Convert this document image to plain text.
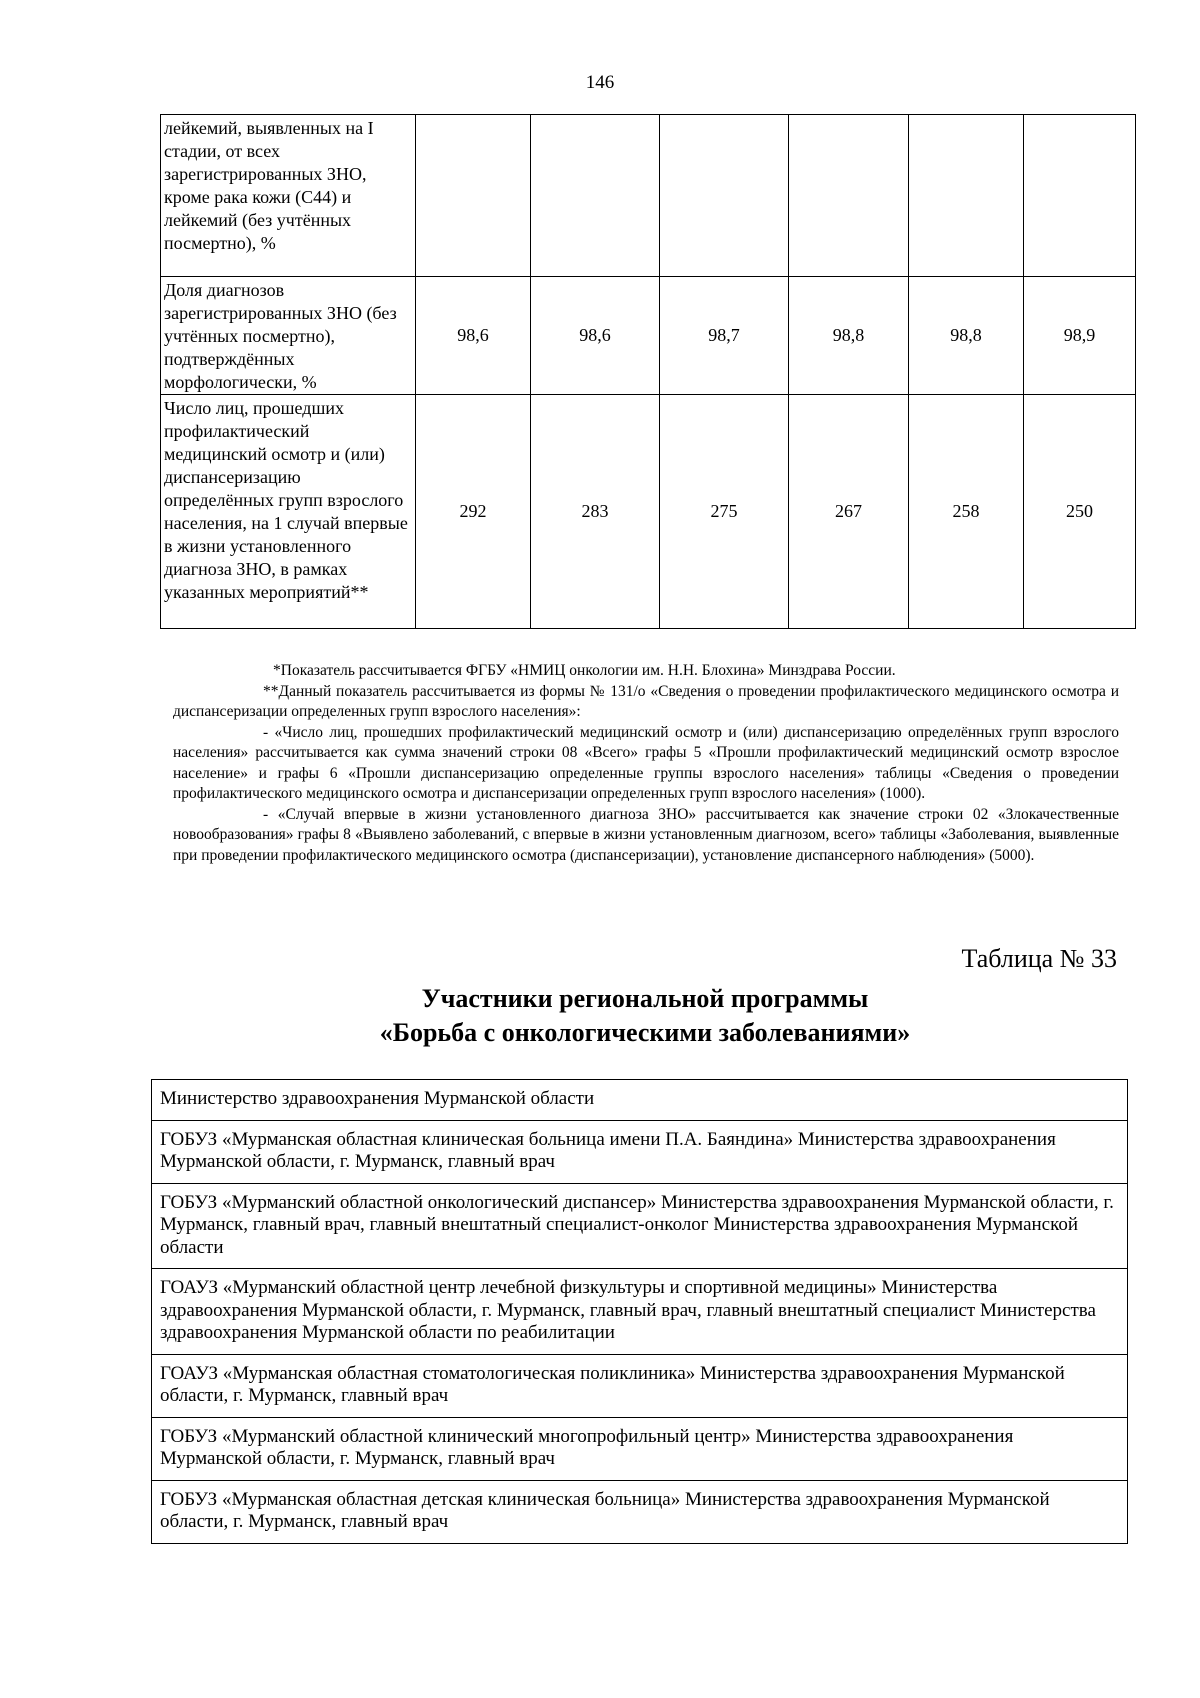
146
лейкемий, выявленных на I стадии, от всех зарегистрированных ЗНО, кроме рака кожи (С44) и лейкемий (без учтённых посмертно), %						
Доля диагнозов зарегистрированных ЗНО (без учтённых посмертно), подтверждённых морфологически, %	98,6	98,6	98,7	98,8	98,8	98,9
Число лиц, прошедших профилактический медицинский осмотр и (или) диспансеризацию определённых групп взрослого населения, на 1 случай впервые в жизни установленного диагноза ЗНО, в рамках указанных мероприятий**	292	283	275	267	258	250

*Показатель рассчитывается ФГБУ «НМИЦ онкологии им. Н.Н. Блохина» Минздрава России.

**Данный показатель рассчитывается из формы № 131/о «Сведения о проведении профилактического медицинского осмотра и диспансеризации определенных групп взрослого населения»:

- «Число лиц, прошедших профилактический медицинский осмотр и (или) диспансеризацию определённых групп взрослого населения» рассчитывается как сумма значений строки 08 «Всего» графы 5 «Прошли профилактический медицинский осмотр взрослое население» и графы 6 «Прошли диспансеризацию определенные группы взрослого населения» таблицы «Сведения о проведении профилактического медицинского осмотра и диспансеризации определенных групп взрослого населения» (1000).

- «Случай впервые в жизни установленного диагноза ЗНО» рассчитывается как значение строки 02 «Злокачественные новообразования» графы 8 «Выявлено заболеваний, с впервые в жизни установленным диагнозом, всего» таблицы «Заболевания, выявленные при проведении профилактического медицинского осмотра (диспансеризации), установление диспансерного наблюдения» (5000).

Таблица № 33
Участники региональной программы
«Борьба с онкологическими заболеваниями»
Министерство здравоохранения Мурманской области
ГОБУЗ «Мурманская областная клиническая больница имени П.А. Баяндина» Министерства здравоохранения Мурманской области, г. Мурманск, главный врач
ГОБУЗ «Мурманский областной онкологический диспансер» Министерства здравоохранения Мурманской области, г. Мурманск, главный врач, главный внештатный специалист-онколог Министерства здравоохранения Мурманской области
ГОАУЗ «Мурманский областной центр лечебной физкультуры и спортивной медицины» Министерства здравоохранения Мурманской области, г. Мурманск, главный врач, главный внештатный специалист Министерства здравоохранения Мурманской области по реабилитации
ГОАУЗ «Мурманская областная стоматологическая поликлиника» Министерства здравоохранения Мурманской области, г. Мурманск, главный врач
ГОБУЗ «Мурманский областной клинический многопрофильный центр» Министерства здравоохранения Мурманской области, г. Мурманск, главный врач
ГОБУЗ «Мурманская областная детская клиническая больница» Министерства здравоохранения Мурманской области, г. Мурманск, главный врач
